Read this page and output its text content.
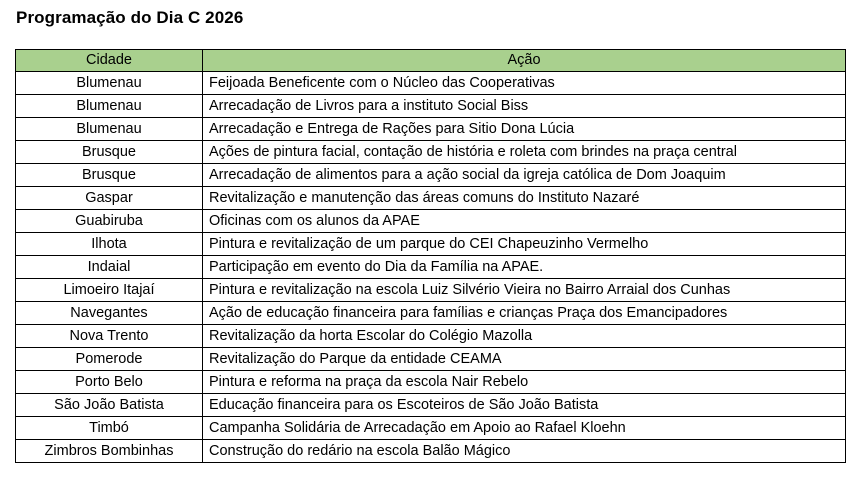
Programação do Dia C 2026
Cidade	Ação
Blumenau	Feijoada Beneficente com o Núcleo das Cooperativas
Blumenau	Arrecadação de Livros para a instituto Social Biss
Blumenau	Arrecadação e Entrega de Rações para Sitio Dona Lúcia
Brusque	Ações de pintura facial, contação de história e roleta com brindes na praça central
Brusque	Arrecadação de alimentos para a ação social da igreja católica de Dom Joaquim
Gaspar	Revitalização e manutenção das áreas comuns do Instituto Nazaré
Guabiruba	Oficinas com os alunos da APAE
Ilhota	Pintura e revitalização de um parque do CEI Chapeuzinho Vermelho
Indaial	Participação em evento do Dia da Família na APAE.
Limoeiro Itajaí	Pintura e revitalização na escola Luiz Silvério Vieira no Bairro Arraial dos Cunhas
Navegantes	Ação de educação financeira para famílias e crianças Praça dos Emancipadores
Nova Trento	Revitalização da horta Escolar do Colégio Mazolla
Pomerode	Revitalização do Parque da entidade CEAMA
Porto Belo	Pintura e reforma na praça da escola Nair Rebelo
São João Batista	Educação financeira para os Escoteiros de São João Batista
Timbó	Campanha Solidária de Arrecadação em Apoio ao Rafael Kloehn
Zimbros Bombinhas	Construção do redário na escola Balão Mágico
